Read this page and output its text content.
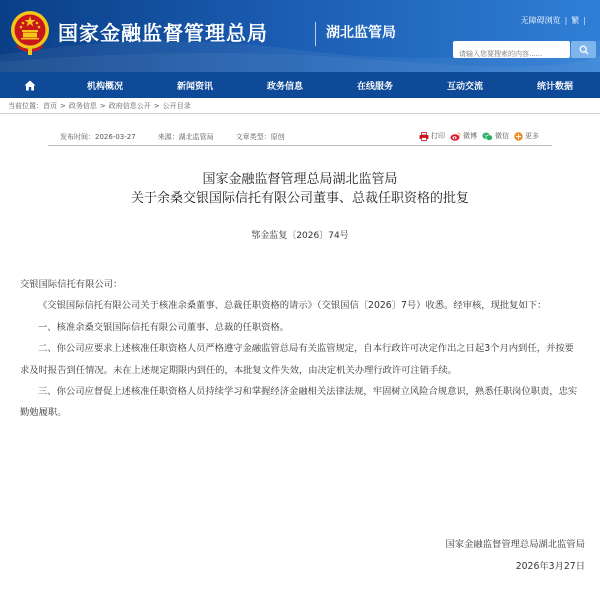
国家金融监督管理总局	湖北监管局
无障碍浏览 | 繁 |
请输入您要搜索的内容......
机构概况	新闻资讯	政务信息	在线服务	互动交流	统计数据
当前位置：首页 > 政务信息 > 政府信息公开 > 公开目录
发布时间：2026-03-27	来源：湖北监管局	文章类型：原创	打印	微博	微信 更多
国家金融监督管理总局湖北监管局
关于余桑交银国际信托有限公司董事、总裁任职资格的批复
鄂金监复〔2026〕74号

交银国际信托有限公司：

《交银国际信托有限公司关于核准余桑董事、总裁任职资格的请示》（交银国信〔2026〕7号）收悉。经审核，现批复如下：

一、核准余桑交银国际信托有限公司董事、总裁的任职资格。

二、你公司应要求上述核准任职资格人员严格遵守金融监管总局有关监管规定，自本行政许可决定作出之日起3个月内到任，并按要求及时报告到任情况。未在上述规定期限内到任的，本批复文件失效，由决定机关办理行政许可注销手续。

三、你公司应督促上述核准任职资格人员持续学习和掌握经济金融相关法律法规，牢固树立风险合规意识，熟悉任职岗位职责，忠实勤勉履职。

国家金融监督管理总局湖北监管局
2026年3月27日
